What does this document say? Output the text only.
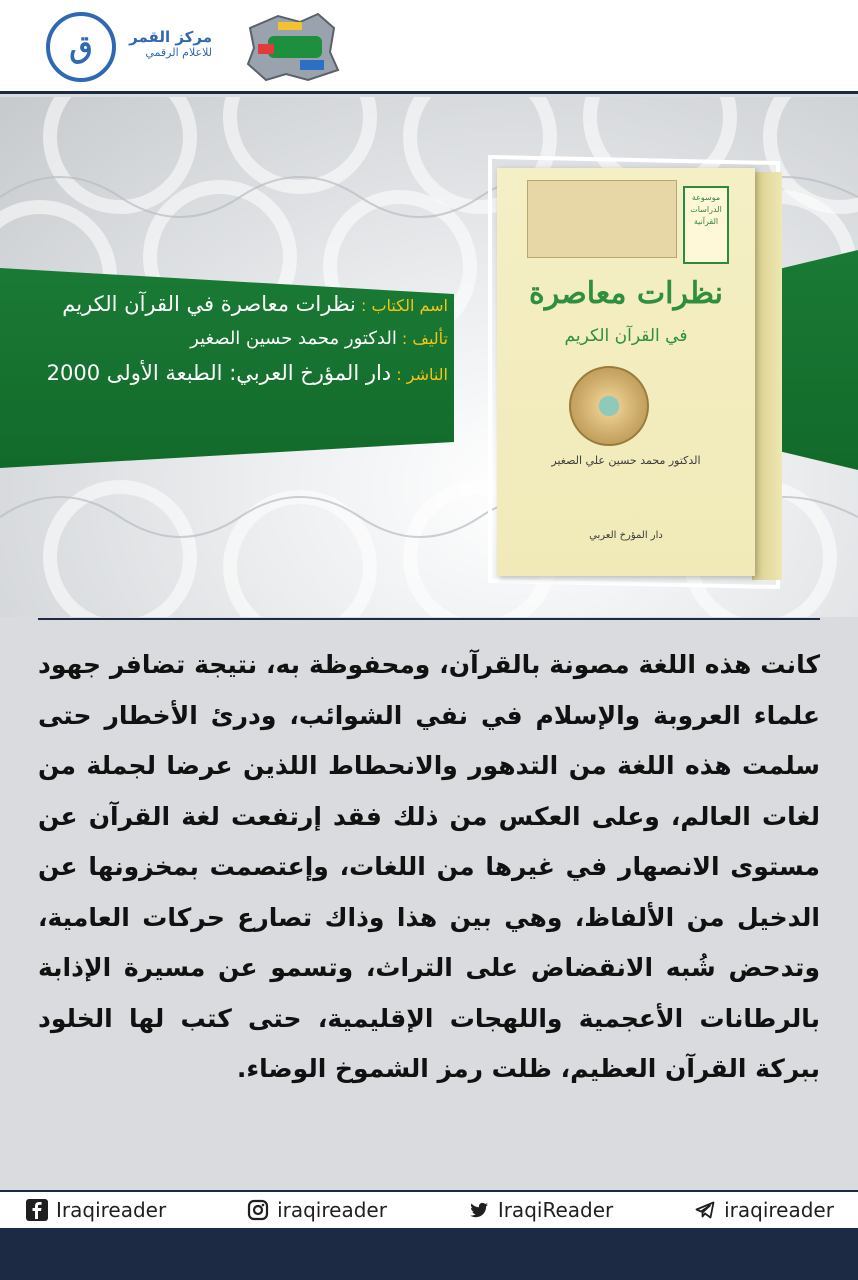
ق	مركز القمر
للاعلام الرقمي
اسم الكتاب : نظرات معاصرة في القرآن الكريم
تأليف : الدكتور محمد حسين الصغير
الناشر : دار المؤرخ العربي: الطبعة الأولى 2000
موسوعة الدراسات القرآنية
نظرات معاصرة
في القرآن الكريم
الدكتور محمد حسين علي الصغير
دار المؤرخ العربي
كانت هذه اللغة مصونة بالقرآن، ومحفوظة به، نتيجة تضافر جهود علماء العروبة والإسلام في نفي الشوائب، ودرئ الأخطار حتى سلمت هذه اللغة من التدهور والانحطاط اللذين عرضا لجملة من لغات العالم، وعلى العكس من ذلك فقد إرتفعت لغة القرآن عن مستوى الانصهار في غيرها من اللغات، وإعتصمت بمخزونها عن الدخيل من الألفاظ، وهي بين هذا وذاك تصارع حركات العامية، وتدحض شُبه الانقضاض على التراث، وتسمو عن مسيرة الإذابة بالرطانات الأعجمية واللهجات الإقليمية، حتى كتب لها الخلود ببركة القرآن العظيم، ظلت رمز الشموخ الوضاء.
Iraqireader	iraqireader	IraqiReader	iraqireader
